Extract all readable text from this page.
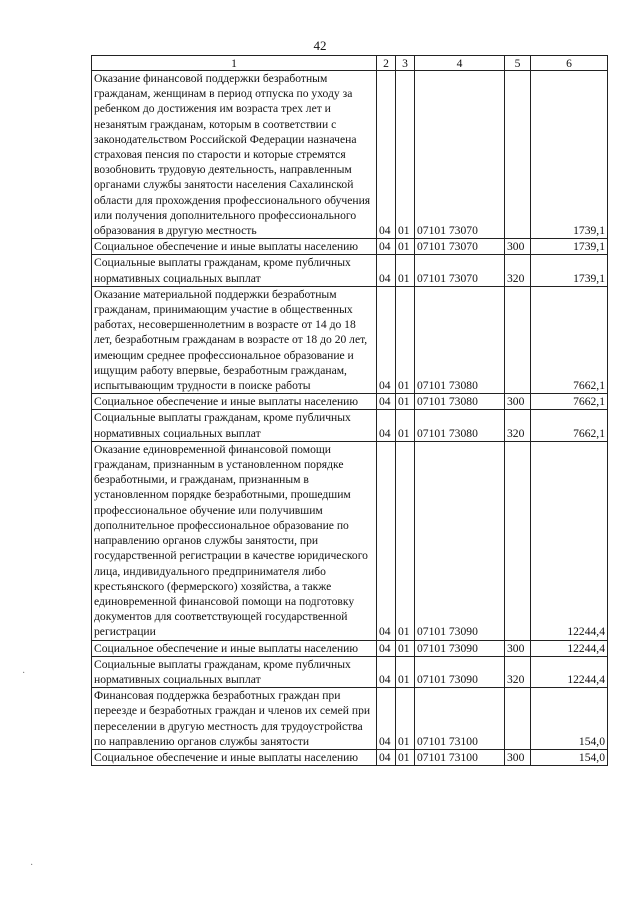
42
1	2	3	4	5	6
Оказание финансовой поддержки безработным гражданам, женщинам в период отпуска по уходу за ребенком до достижения им возраста трех лет и незанятым гражданам, которым в соответствии с законодательством Российской Федерации назначена страховая пенсия по старости и которые стремятся возобновить трудовую деятельность, направленным органами службы занятости населения Сахалинской области для прохождения профессионального обучения или получения дополнительного профессионального образования в другую местность	04	01	07101 73070		1739,1
Социальное обеспечение и иные выплаты населению	04	01	07101 73070	300	1739,1
Социальные выплаты гражданам, кроме публичных нормативных социальных выплат	04	01	07101 73070	320	1739,1
Оказание материальной поддержки безработным гражданам, принимающим участие в общественных работах, несовершеннолетним в возрасте от 14 до 18 лет, безработным гражданам в возрасте от 18 до 20 лет, имеющим среднее профессиональное образование и ищущим работу впервые, безработным гражданам, испытывающим трудности в поиске работы	04	01	07101 73080		7662,1
Социальное обеспечение и иные выплаты населению	04	01	07101 73080	300	7662,1
Социальные выплаты гражданам, кроме публичных нормативных социальных выплат	04	01	07101 73080	320	7662,1
Оказание единовременной финансовой помощи гражданам, признанным в установленном порядке безработными, и гражданам, признанным в установленном порядке безработными, прошедшим профессиональное обучение или получившим дополнительное профессиональное образование по направлению органов службы занятости, при государственной регистрации в качестве юридического лица, индивидуального предпринимателя либо крестьянского (фермерского) хозяйства, а также единовременной финансовой помощи на подготовку документов для соответствующей государственной регистрации	04	01	07101 73090		12244,4
Социальное обеспечение и иные выплаты населению	04	01	07101 73090	300	12244,4
Социальные выплаты гражданам, кроме публичных нормативных социальных выплат	04	01	07101 73090	320	12244,4
Финансовая поддержка безработных граждан при переезде и безработных граждан и членов их семей при переселении в другую местность для трудоустройства по направлению органов службы занятости	04	01	07101 73100		154,0
Социальное обеспечение и иные выплаты населению	04	01	07101 73100	300	154,0
·
·
